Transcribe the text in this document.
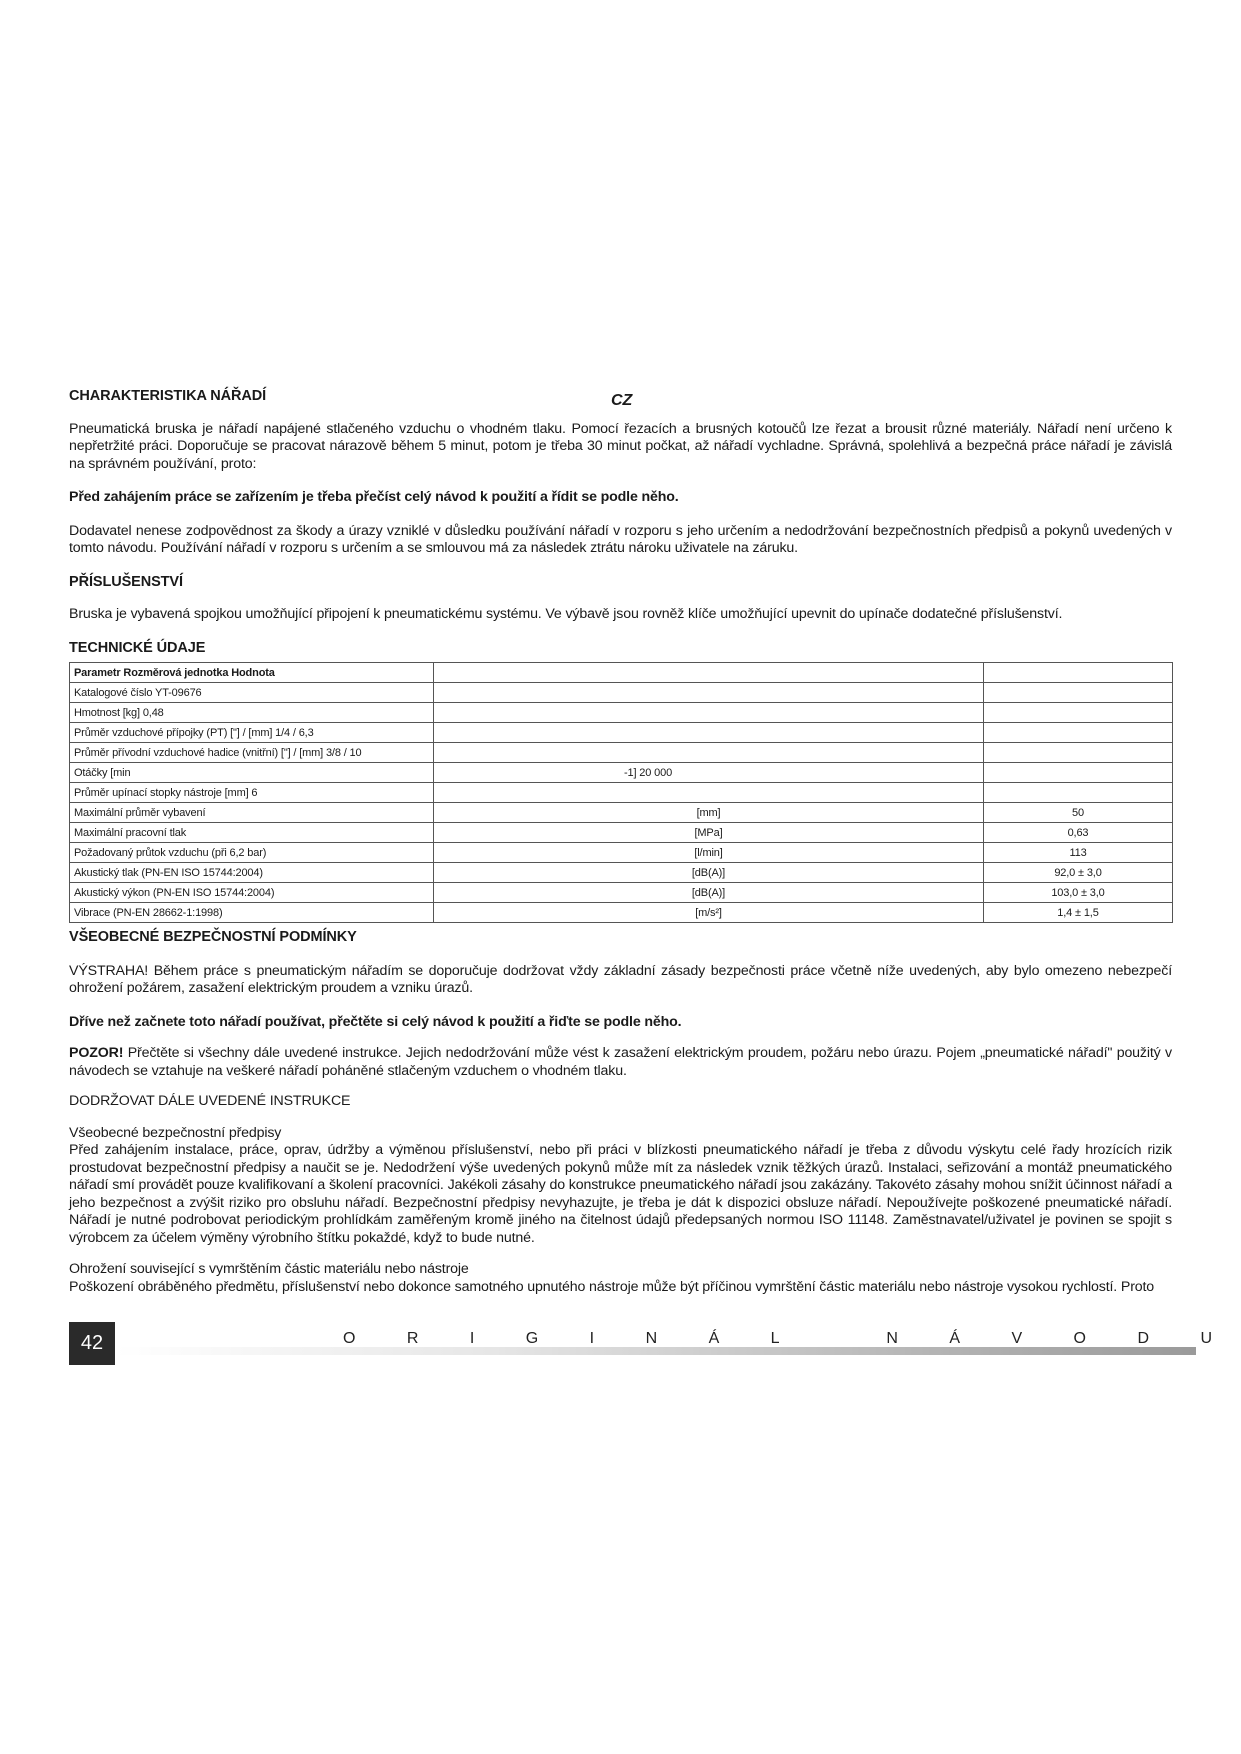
CZ
CHARAKTERISTIKA NÁŘADÍ

Pneumatická bruska je nářadí napájené stlačeného vzduchu o vhodném tlaku. Pomocí řezacích a brusných kotoučů lze řezat a brousit různé materiály. Nářadí není určeno k nepřetržité práci. Doporučuje se pracovat nárazově během 5 minut, potom je třeba 30 minut počkat, až nářadí vychladne. Správná, spolehlivá a bezpečná práce nářadí je závislá na správném používání, proto:

Před zahájením práce se zařízením je třeba přečíst celý návod k použití a řídit se podle něho.

Dodavatel nenese zodpovědnost za škody a úrazy vzniklé v důsledku používání nářadí v rozporu s jeho určením a nedodržování bezpečnostních předpisů a pokynů uvedených v tomto návodu. Používání nářadí v rozporu s určením a se smlouvou má za následek ztrátu nároku uživatele na záruku.

PŘÍSLUŠENSTVÍ

Bruska je vybavená spojkou umožňující připojení k pneumatickému systému. Ve výbavě jsou rovněž klíče umožňující upevnit do upínače dodatečné příslušenství.

TECHNICKÉ ÚDAJE
Parametr Rozměrová jednotka Hodnota		
Katalogové číslo YT-09676		
Hmotnost [kg] 0,48		
Průměr vzduchové přípojky (PT) ["] / [mm] 1/4 / 6,3		
Průměr přívodní vzduchové hadice (vnitřní) ["] / [mm] 3/8 / 10		
Otáčky [min	-1] 20 000	
Průměr upínací stopky nástroje [mm] 6		
Maximální průměr vybavení	[mm]	50
Maximální pracovní tlak	[MPa]	0,63
Požadovaný průtok vzduchu (při 6,2 bar)	[l/min]	113
Akustický tlak (PN-EN ISO 15744:2004)	[dB(A)]	92,0 ± 3,0
Akustický výkon (PN-EN ISO 15744:2004)	[dB(A)]	103,0 ± 3,0
Vibrace (PN-EN 28662-1:1998)	[m/s²]	1,4 ± 1,5
VŠEOBECNÉ BEZPEČNOSTNÍ PODMÍNKY

VÝSTRAHA! Během práce s pneumatickým nářadím se doporučuje dodržovat vždy základní zásady bezpečnosti práce včetně níže uvedených, aby bylo omezeno nebezpečí ohrožení požárem, zasažení elektrickým proudem a vzniku úrazů.

Dříve než začnete toto nářadí používat, přečtěte si celý návod k použití a řiďte se podle něho.

POZOR! Přečtěte si všechny dále uvedené instrukce. Jejich nedodržování může vést k zasažení elektrickým proudem, požáru nebo úrazu. Pojem „pneumatické nářadí" použitý v návodech se vztahuje na veškeré nářadí poháněné stlačeným vzduchem o vhodném tlaku.

DODRŽOVAT DÁLE UVEDENÉ INSTRUKCE

Všeobecné bezpečnostní předpisy

Před zahájením instalace, práce, oprav, údržby a výměnou příslušenství, nebo při práci v blízkosti pneumatického nářadí je třeba z důvodu výskytu celé řady hrozících rizik prostudovat bezpečnostní předpisy a naučit se je. Nedodržení výše uvedených pokynů může mít za následek vznik těžkých úrazů. Instalaci, seřizování a montáž pneumatického nářadí smí provádět pouze kvalifikovaní a školení pracovníci. Jakékoli zásahy do konstrukce pneumatického nářadí jsou zakázány. Takovéto zásahy mohou snížit účinnost nářadí a jeho bezpečnost a zvýšit riziko pro obsluhu nářadí. Bezpečnostní předpisy nevyhazujte, je třeba je dát k dispozici obsluze nářadí. Nepoužívejte poškozené pneumatické nářadí. Nářadí je nutné podrobovat periodickým prohlídkám zaměřeným kromě jiného na čitelnost údajů předepsaných normou ISO 11148. Zaměstnavatel/uživatel je povinen se spojit s výrobcem za účelem výměny výrobního štítku pokaždé, když to bude nutné.

Ohrožení související s vymrštěním částic materiálu nebo nástroje

Poškození obráběného předmětu, příslušenství nebo dokonce samotného upnutého nástroje může být příčinou vymrštění částic materiálu nebo nástroje vysokou rychlostí. Proto

42	O R I G I N Á L   N Á V O D U
